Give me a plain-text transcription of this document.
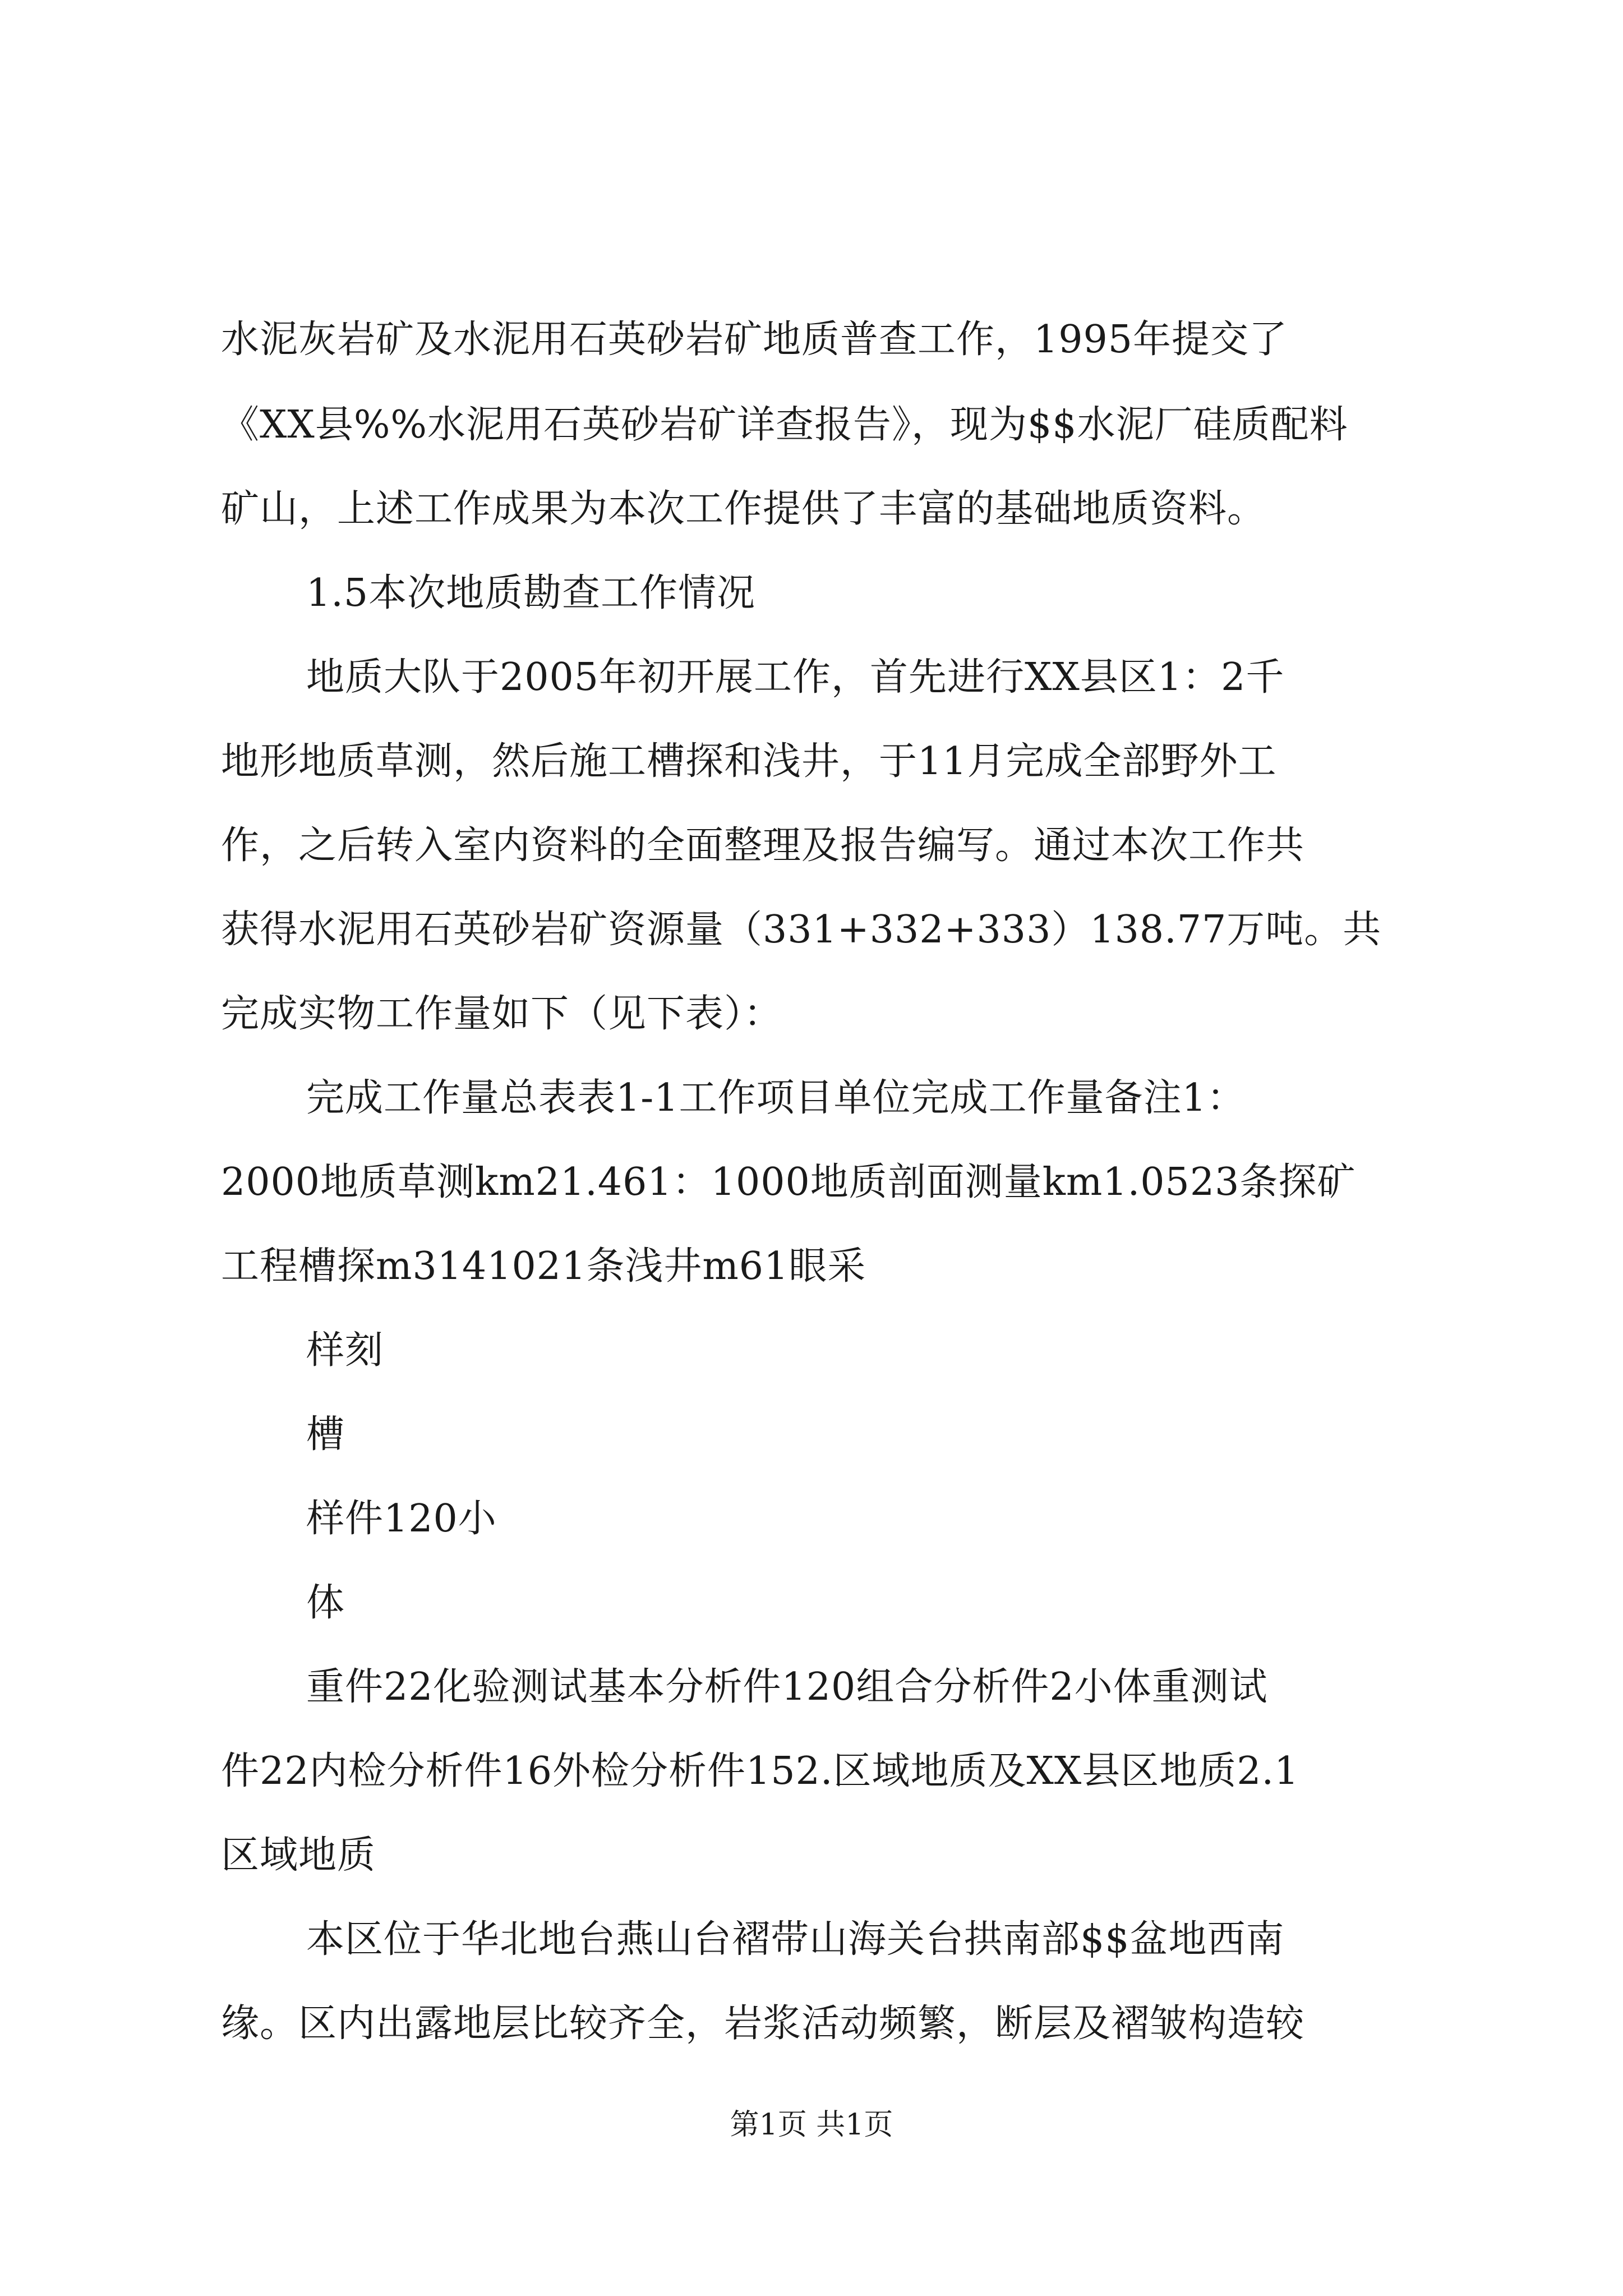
水泥灰岩矿及水泥用石英砂岩矿地质普查工作，1995年提交了
《XX县%%水泥用石英砂岩矿详查报告》，现为$$水泥厂硅质配料
矿山，上述工作成果为本次工作提供了丰富的基础地质资料。
1.5本次地质勘查工作情况
地质大队于2005年初开展工作，首先进行XX县区1：2千
地形地质草测，然后施工槽探和浅井，于11月完成全部野外工
作，之后转入室内资料的全面整理及报告编写。通过本次工作共
获得水泥用石英砂岩矿资源量（331+332+333）138.77万吨。共
完成实物工作量如下（见下表）：
完成工作量总表表1-1工作项目单位完成工作量备注1：
2000地质草测km21.461：1000地质剖面测量km1.0523条探矿
工程槽探m3141021条浅井m61眼采
样刻
槽
样件120小
体
重件22化验测试基本分析件120组合分析件2小体重测试
件22内检分析件16外检分析件152.区域地质及XX县区地质2.1
区域地质
本区位于华北地台燕山台褶带山海关台拱南部$$盆地西南
缘。区内出露地层比较齐全，岩浆活动频繁，断层及褶皱构造较
第1页 共1页
